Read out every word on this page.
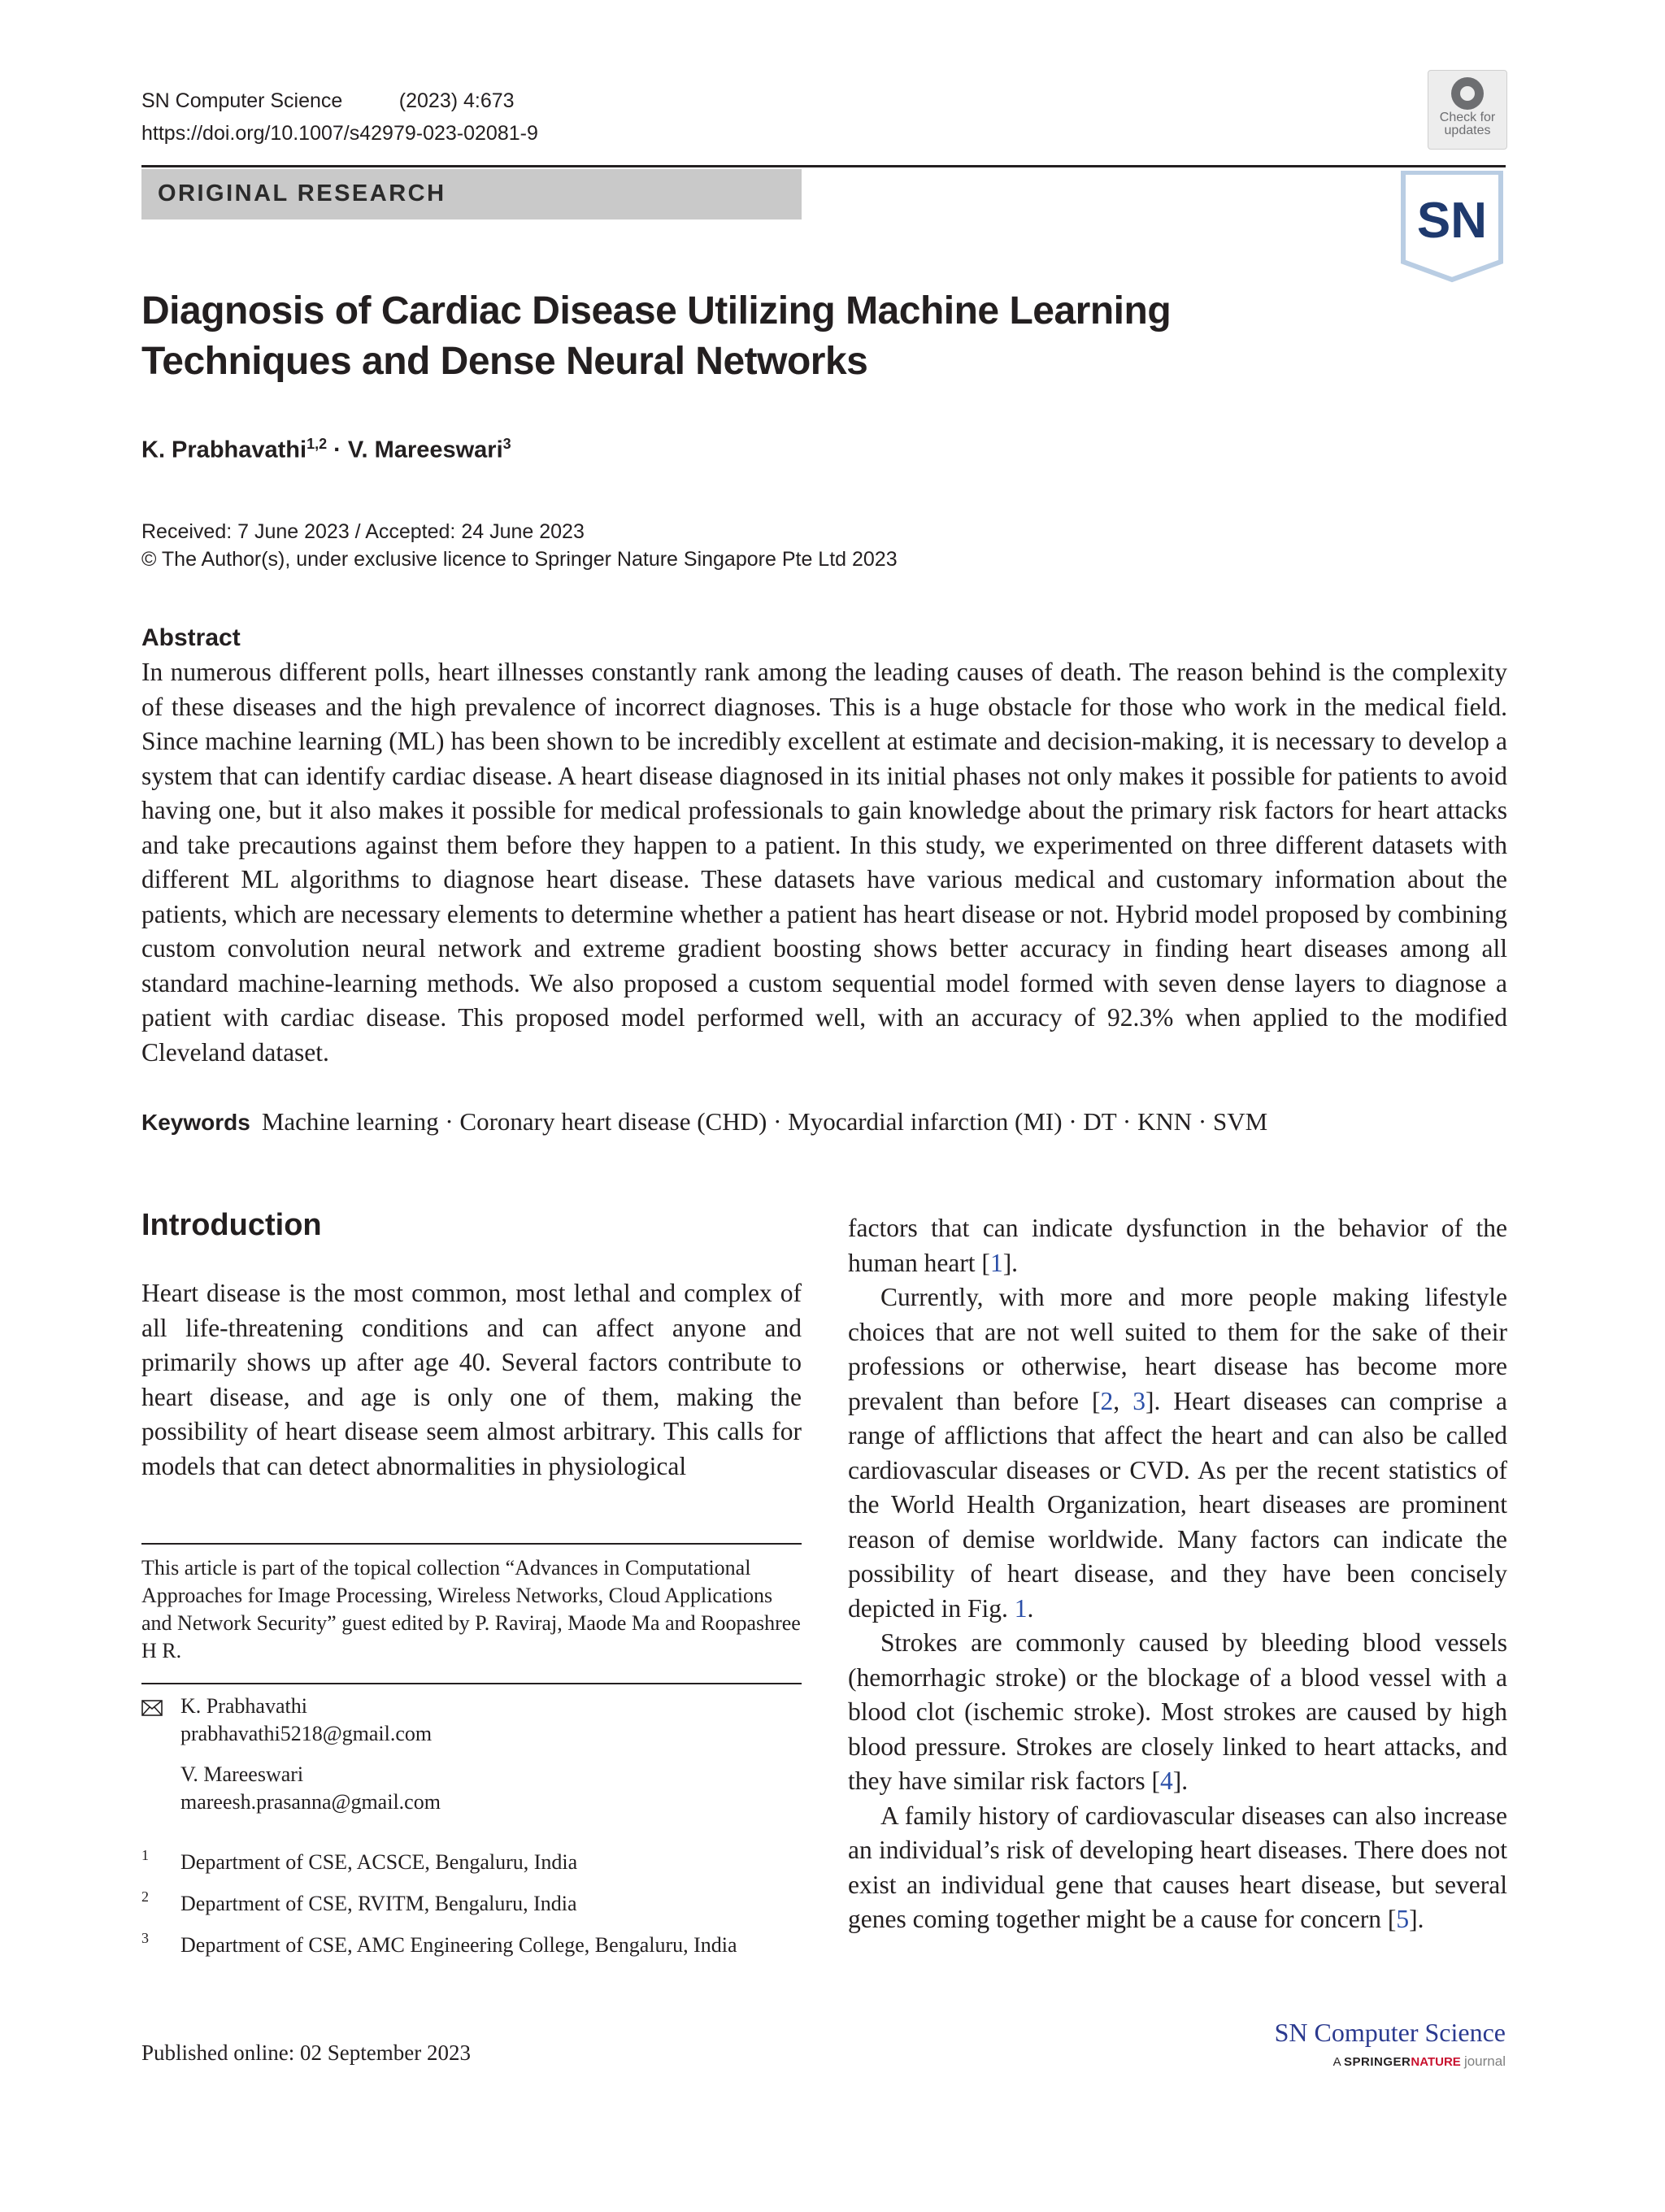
SN Computer Science	(2023) 4:673
https://doi.org/10.1007/s42979-023-02081-9
Check for
updates
ORIGINAL RESEARCH	SN
Diagnosis of Cardiac Disease Utilizing Machine Learning Techniques and Dense Neural Networks
K. Prabhavathi$^{1,2}$ · V. Mareeswari$^3$
Received: 7 June 2023 / Accepted: 24 June 2023
© The Author(s), under exclusive licence to Springer Nature Singapore Pte Ltd 2023
Abstract
In numerous different polls, heart illnesses constantly rank among the leading causes of death. The reason behind is the complexity of these diseases and the high prevalence of incorrect diagnoses. This is a huge obstacle for those who work in the medical field. Since machine learning (ML) has been shown to be incredibly excellent at estimate and decision-making, it is necessary to develop a system that can identify cardiac disease. A heart disease diagnosed in its initial phases not only makes it possible for patients to avoid having one, but it also makes it possible for medical professionals to gain knowledge about the primary risk factors for heart attacks and take precautions against them before they happen to a patient. In this study, we experimented on three different datasets with different ML algorithms to diagnose heart disease. These datasets have various medical and customary information about the patients, which are necessary elements to determine whether a patient has heart disease or not. Hybrid model proposed by combining custom convolution neural network and extreme gradient boosting shows better accuracy in finding heart diseases among all standard machine-learning methods. We also proposed a custom sequential model formed with seven dense layers to diagnose a patient with cardiac disease. This proposed model performed well, with an accuracy of 92.3% when applied to the modified Cleveland dataset.
Keywords Machine learning · Coronary heart disease (CHD) · Myocardial infarction (MI) · DT · KNN · SVM
Introduction

Heart disease is the most common, most lethal and complex of all life-threatening conditions and can affect anyone and primarily shows up after age 40. Several factors contribute to heart disease, and age is only one of them, making the possibility of heart disease seem almost arbitrary. This calls for models that can detect abnormalities in physiological

factors that can indicate dysfunction in the behavior of the human heart [1].

Currently, with more and more people making lifestyle choices that are not well suited to them for the sake of their professions or otherwise, heart disease has become more prevalent than before [2, 3]. Heart diseases can comprise a range of afflictions that affect the heart and can also be called cardiovascular diseases or CVD. As per the recent statistics of the World Health Organization, heart diseases are prominent reason of demise worldwide. Many factors can indicate the possibility of heart disease, and they have been concisely depicted in Fig. 1.

Strokes are commonly caused by bleeding blood vessels (hemorrhagic stroke) or the blockage of a blood vessel with a blood clot (ischemic stroke). Most strokes are caused by high blood pressure. Strokes are closely linked to heart attacks, and they have similar risk factors [4].

A family history of cardiovascular diseases can also increase an individual’s risk of developing heart diseases. There does not exist an individual gene that causes heart disease, but several genes coming together might be a cause for concern [5].

This article is part of the topical collection “Advances in Computational Approaches for Image Processing, Wireless Networks, Cloud Applications and Network Security” guest edited by P. Raviraj, Maode Ma and Roopashree H R.
K. Prabhavathi
prabhavathi5218@gmail.com
V. Mareeswari
mareesh.prasanna@gmail.com
1 Department of CSE, ACSCE, Bengaluru, India
2 Department of CSE, RVITM, Bengaluru, India
3 Department of CSE, AMC Engineering College, Bengaluru, India
Published online: 02 September 2023
SN Computer Science
A SPRINGERNATURE journal
